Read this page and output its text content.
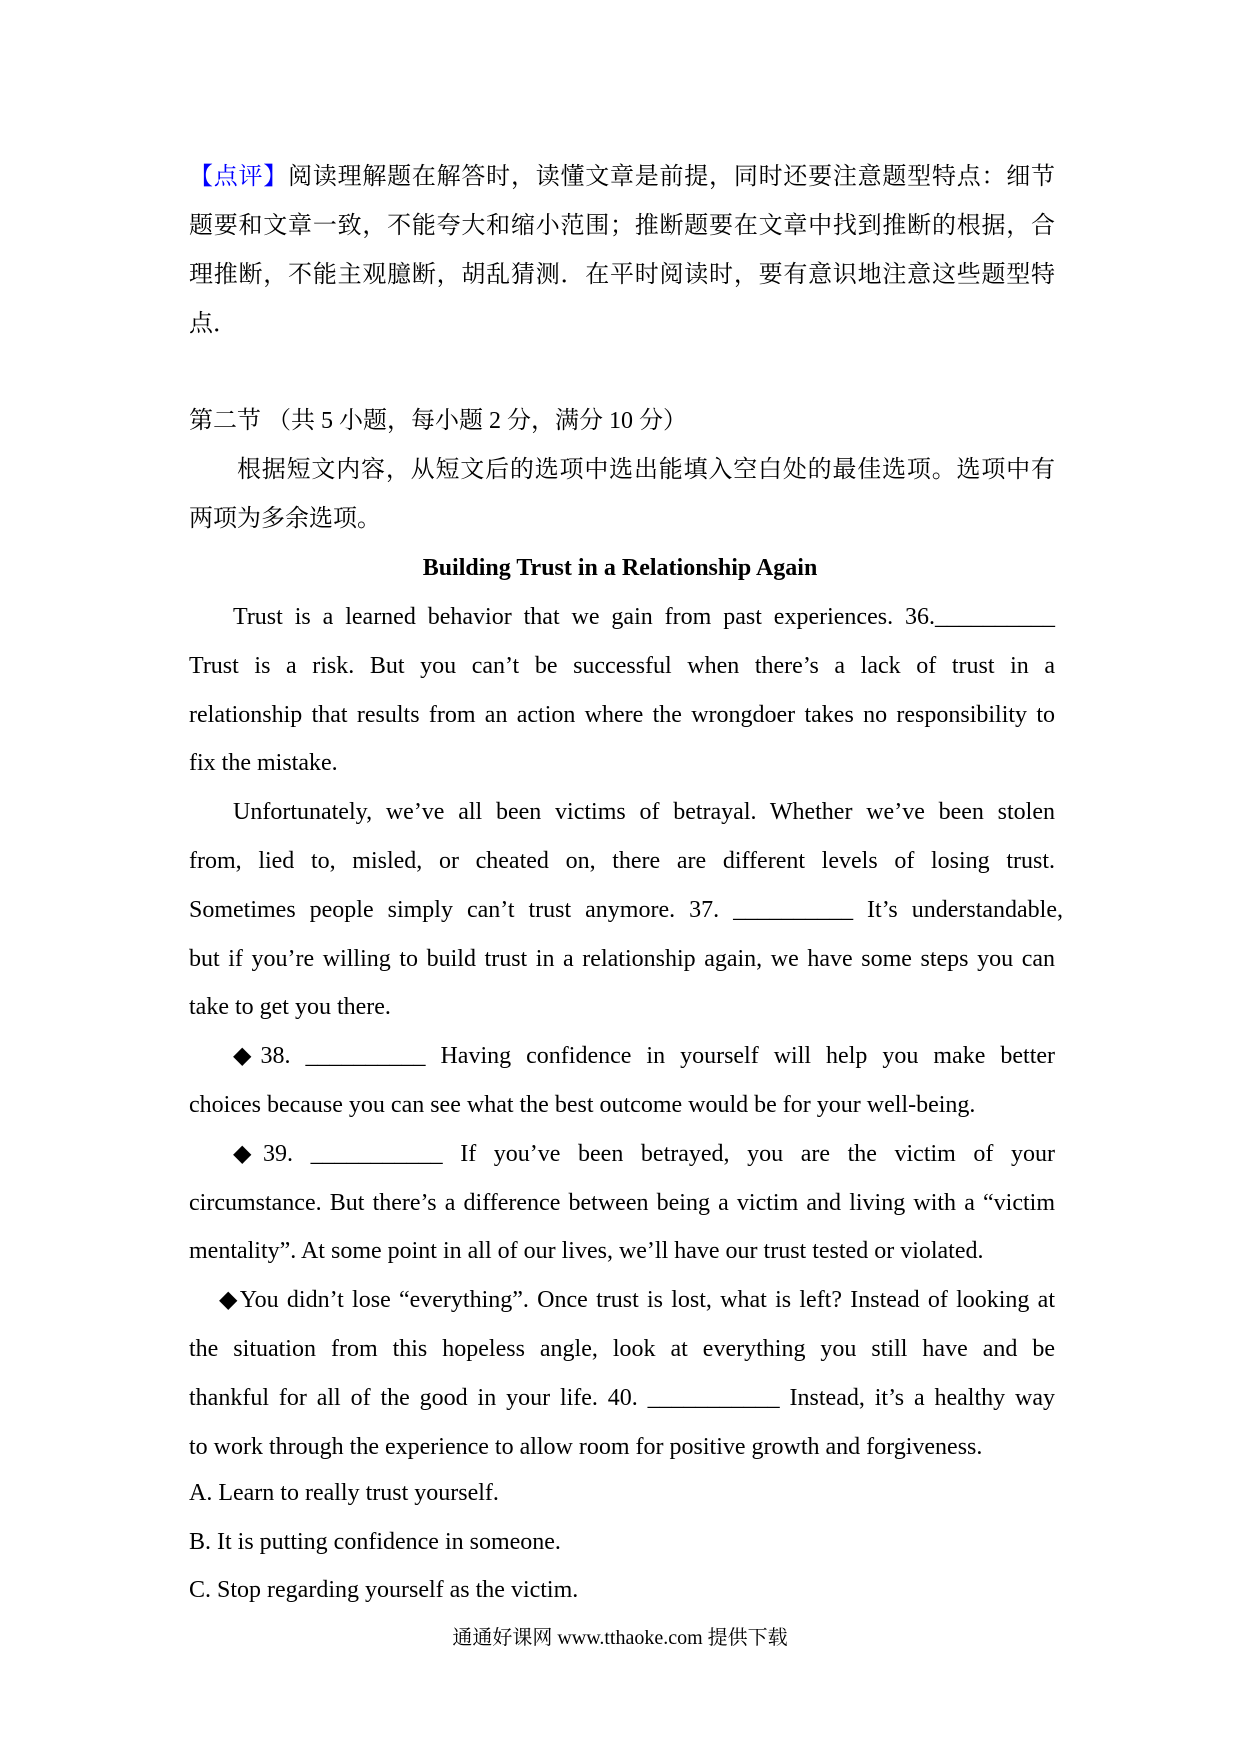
【点评】阅读理解题在解答时，读懂文章是前提，同时还要注意题型特点：细节
题要和文章一致，不能夸大和缩小范围；推断题要在文章中找到推断的根据，合
理推断，不能主观臆断，胡乱猜测．在平时阅读时，要有意识地注意这些题型特
点．
第二节 （共 5 小题，每小题 2 分，满分 10 分）
根据短文内容，从短文后的选项中选出能填入空白处的最佳选项。选项中有
两项为多余选项。
Building Trust in a Relationship Again
Trust is a learned behavior that we gain from past experiences. 36.__________
Trust is a risk. But you can’t be successful when there’s a lack of trust in a
relationship that results from an action where the wrongdoer takes no responsibility to
fix the mistake.
Unfortunately, we’ve all been victims of betrayal. Whether we’ve been stolen
from, lied to, misled, or cheated on, there are different levels of losing trust.
Sometimes people simply can’t trust anymore. 37. __________ It’s understandable,
but if you’re willing to build trust in a relationship again, we have some steps you can
take to get you there.
◆38. __________ Having confidence in yourself will help you make better
choices because you can see what the best outcome would be for your well-being.
◆39. ___________ If you’ve been betrayed, you are the victim of your
circumstance. But there’s a difference between being a victim and living with a “victim
mentality”. At some point in all of our lives, we’ll have our trust tested or violated.
◆You didn’t lose “everything”. Once trust is lost, what is left? Instead of looking at
the situation from this hopeless angle, look at everything you still have and be
thankful for all of the good in your life. 40. ___________ Instead, it’s a healthy way
to work through the experience to allow room for positive growth and forgiveness.
A. Learn to really trust yourself.
B. It is putting confidence in someone.
C. Stop regarding yourself as the victim.
通通好课网 www.tthaoke.com 提供下载
